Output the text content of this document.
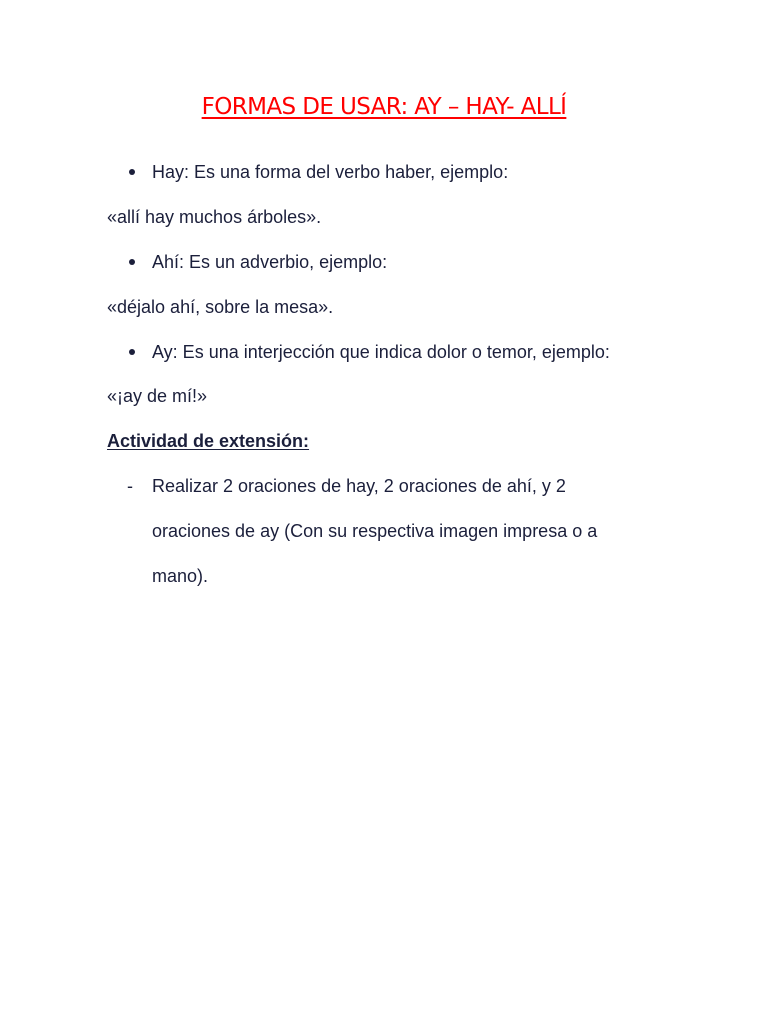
FORMAS DE USAR: AY – HAY- ALLÍ
Hay: Es una forma del verbo haber, ejemplo:
«allí hay muchos árboles».
Ahí: Es un adverbio, ejemplo:
«déjalo ahí, sobre la mesa».
Ay: Es una interjección que indica dolor o temor, ejemplo:
«¡ay de mí!»
Actividad de extensión:
- Realizar 2 oraciones de hay, 2 oraciones de ahí, y 2
oraciones de ay (Con su respectiva imagen impresa o a
mano).
